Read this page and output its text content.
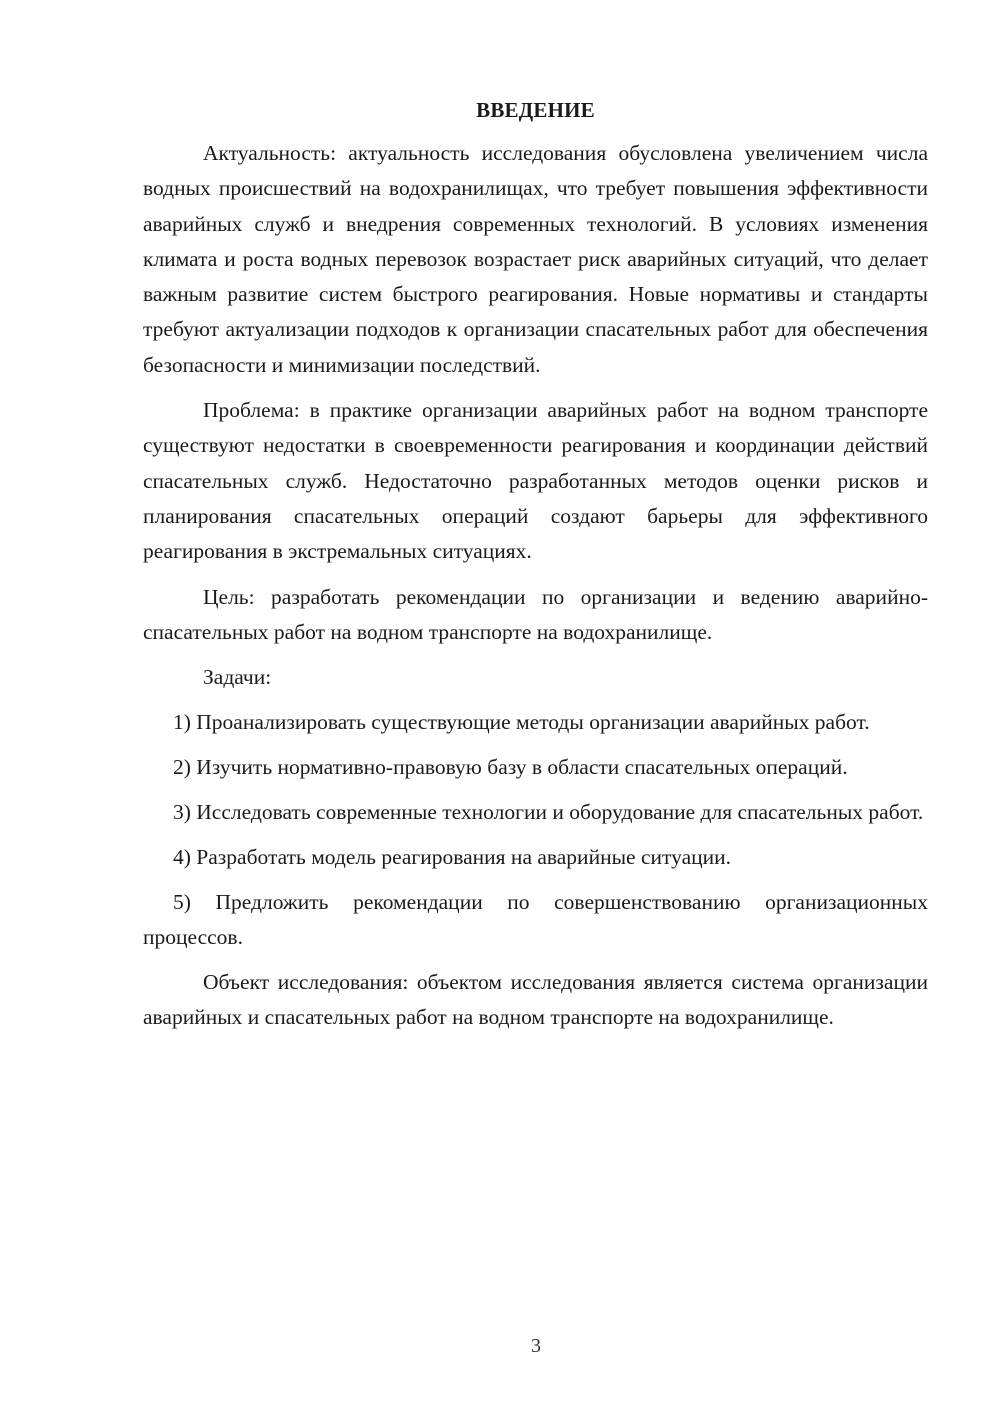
ВВЕДЕНИЕ

Актуальность: актуальность исследования обусловлена увеличением числа водных происшествий на водохранилищах, что требует повышения эффективности аварийных служб и внедрения современных технологий. В условиях изменения климата и роста водных перевозок возрастает риск аварийных ситуаций, что делает важным развитие систем быстрого реагирования. Новые нормативы и стандарты требуют актуализации подходов к организации спасательных работ для обеспечения безопасности и минимизации последствий.

Проблема: в практике организации аварийных работ на водном транспорте существуют недостатки в своевременности реагирования и координации действий спасательных служб. Недостаточно разработанных методов оценки рисков и планирования спасательных операций создают барьеры для эффективного реагирования в экстремальных ситуациях.

Цель: разработать рекомендации по организации и ведению аварийно-спасательных работ на водном транспорте на водохранилище.

Задачи:

1) Проанализировать существующие методы организации аварийных работ.

2) Изучить нормативно-правовую базу в области спасательных операций.

3) Исследовать современные технологии и оборудование для спасательных работ.

4) Разработать модель реагирования на аварийные ситуации.

5) Предложить рекомендации по совершенствованию организационных процессов.

Объект исследования: объектом исследования является система организации аварийных и спасательных работ на водном транспорте на водохранилище.

3
